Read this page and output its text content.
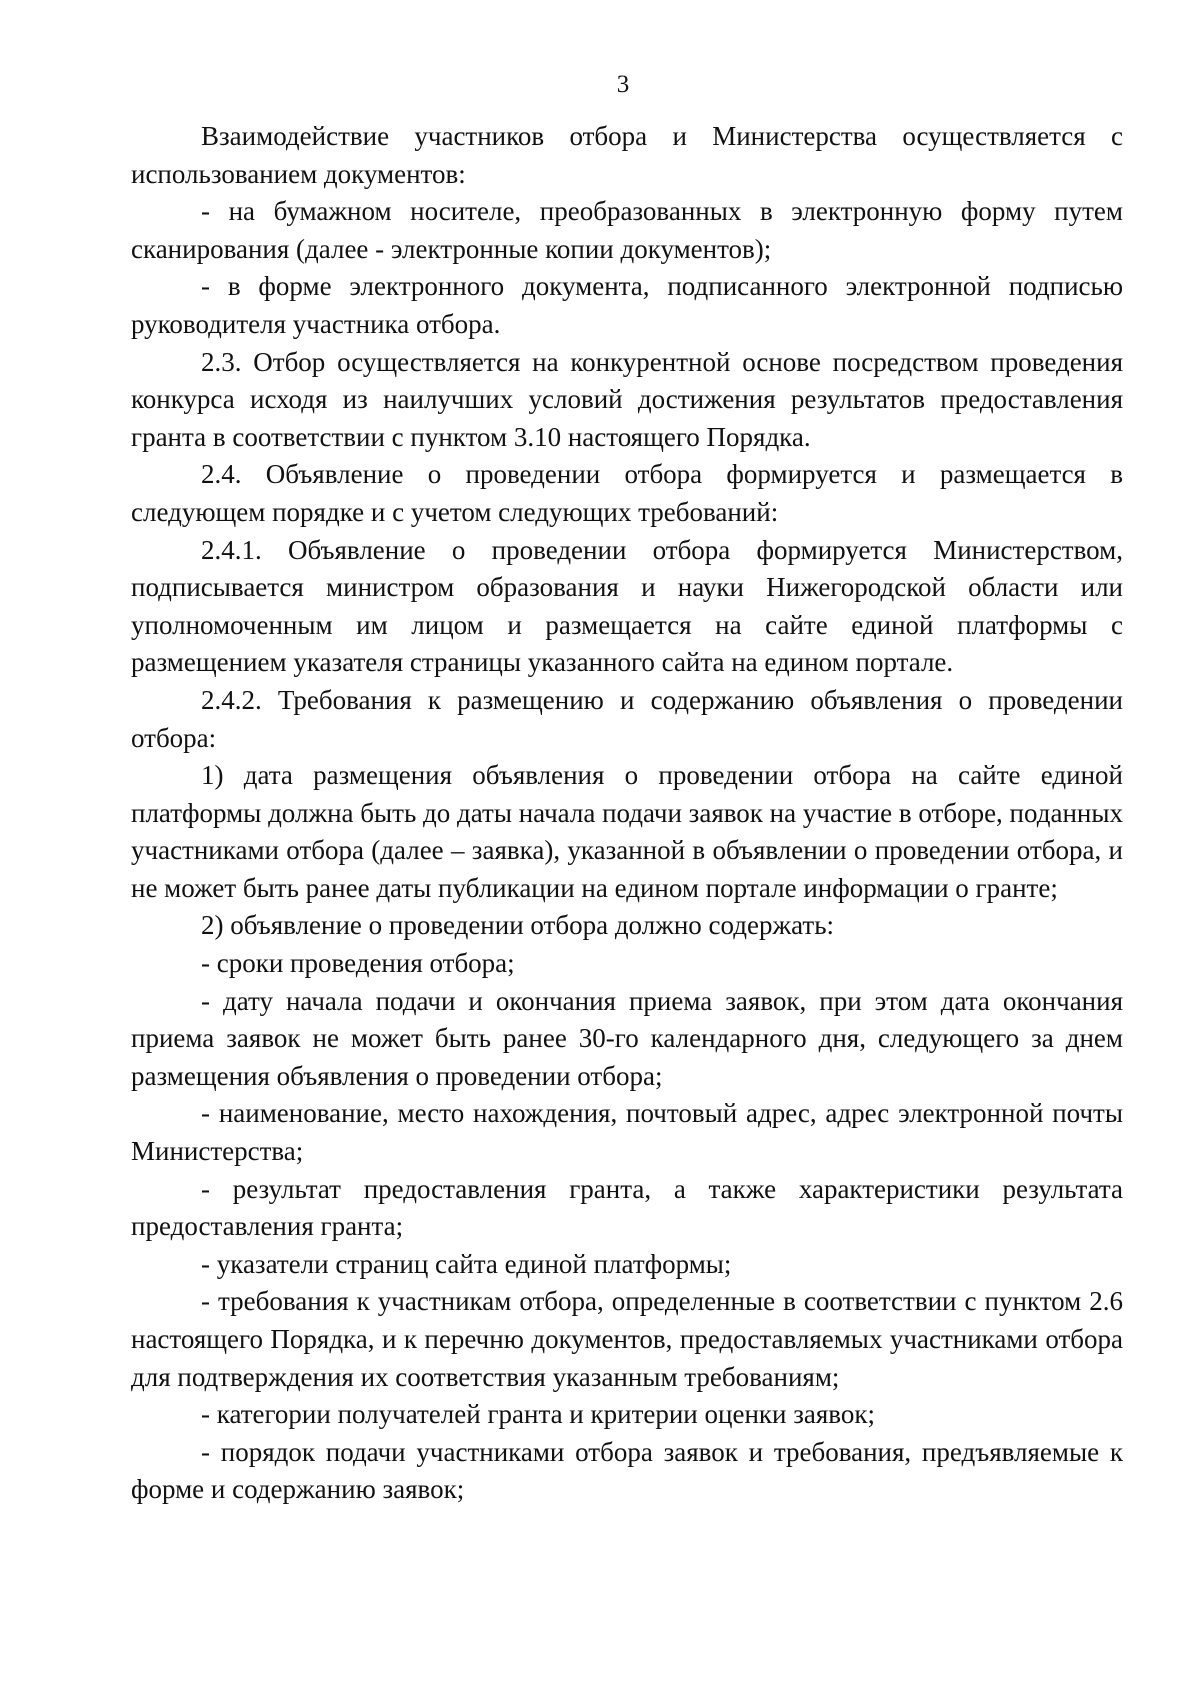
3

Взаимодействие участников отбора и Министерства осуществляется с использованием документов:

- на бумажном носителе, преобразованных в электронную форму путем сканирования (далее - электронные копии документов);

- в форме электронного документа, подписанного электронной подписью руководителя участника отбора.

2.3. Отбор осуществляется на конкурентной основе посредством проведения конкурса исходя из наилучших условий достижения результатов предоставления гранта в соответствии с пунктом 3.10 настоящего Порядка.

2.4. Объявление о проведении отбора формируется и размещается в следующем порядке и с учетом следующих требований:

2.4.1. Объявление о проведении отбора формируется Министерством, подписывается министром образования и науки Нижегородской области или уполномоченным им лицом и размещается на сайте единой платформы с размещением указателя страницы указанного сайта на едином портале.

2.4.2. Требования к размещению и содержанию объявления о проведении отбора:

1) дата размещения объявления о проведении отбора на сайте единой платформы должна быть до даты начала подачи заявок на участие в отборе, поданных участниками отбора (далее – заявка), указанной в объявлении о проведении отбора, и не может быть ранее даты публикации на едином портале информации о гранте;

2) объявление о проведении отбора должно содержать:

- сроки проведения отбора;

- дату начала подачи и окончания приема заявок, при этом дата окончания приема заявок не может быть ранее 30-го календарного дня, следующего за днем размещения объявления о проведении отбора;

- наименование, место нахождения, почтовый адрес, адрес электронной почты Министерства;

- результат предоставления гранта, а также характеристики результата предоставления гранта;

- указатели страниц сайта единой платформы;

- требования к участникам отбора, определенные в соответствии с пунктом 2.6 настоящего Порядка, и к перечню документов, предоставляемых участниками отбора для подтверждения их соответствия указанным требованиям;

- категории получателей гранта и критерии оценки заявок;

- порядок подачи участниками отбора заявок и требования, предъявляемые к форме и содержанию заявок;
